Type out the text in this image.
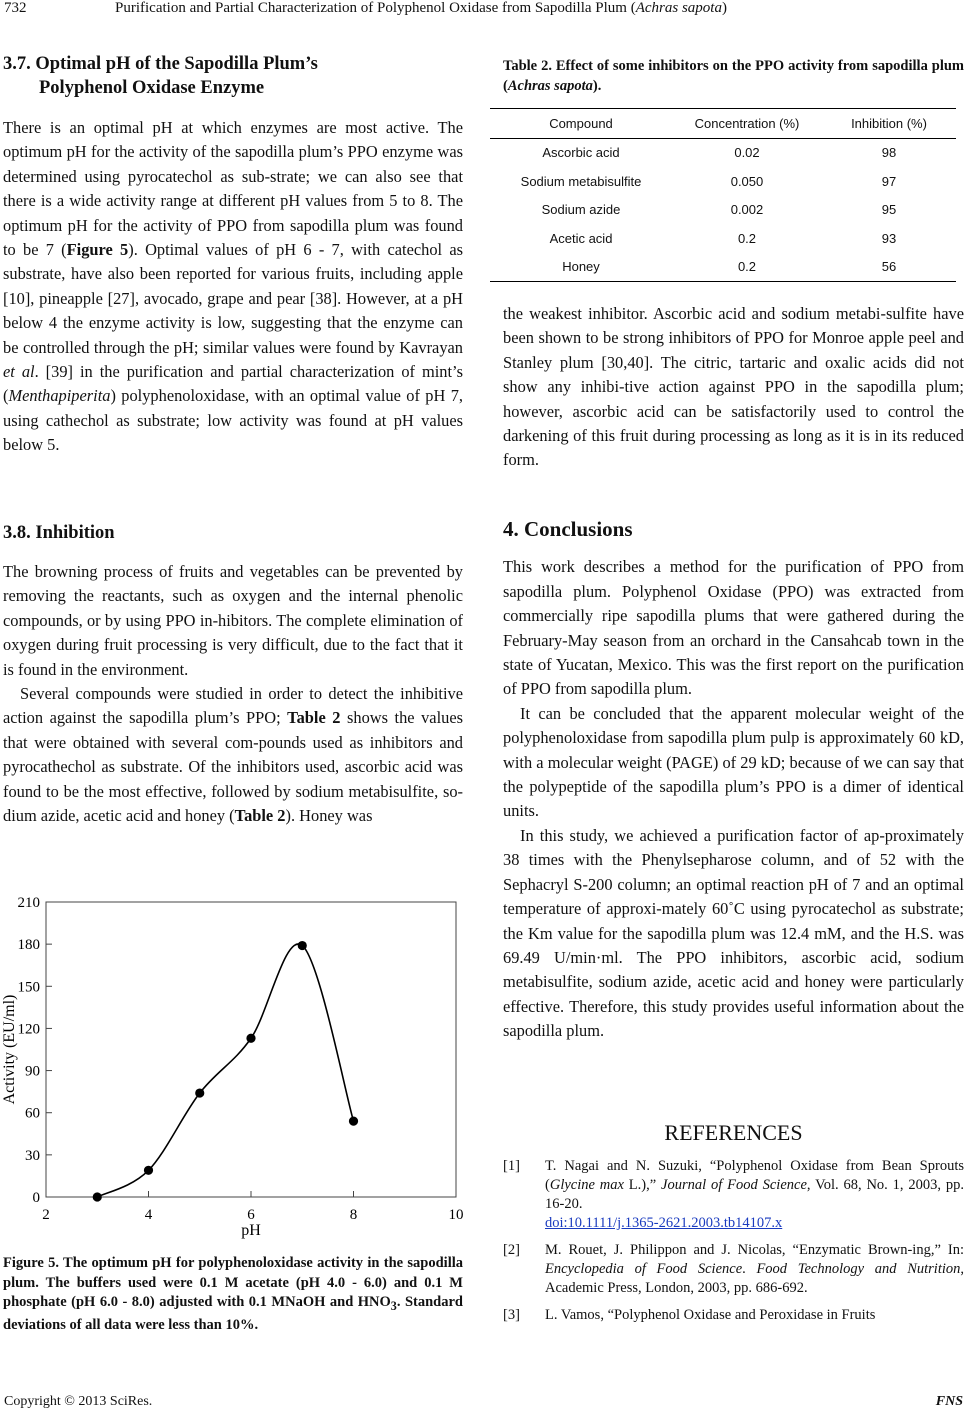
732	Purification and Partial Characterization of Polyphenol Oxidase from Sapodilla Plum (Achras sapota)
3.7. Optimal pH of the Sapodilla Plum’s
Polyphenol Oxidase Enzyme

There is an optimal pH at which enzymes are most active. The optimum pH for the activity of the sapodilla plum’s PPO enzyme was determined using pyrocatechol as sub-strate; we can also see that there is a wide activity range at different pH values from 5 to 8. The optimum pH for the activity of PPO from sapodilla plum was found to be 7 (Figure 5). Optimal values of pH 6 - 7, with catechol as substrate, have also been reported for various fruits, including apple [10], pineapple [27], avocado, grape and pear [38]. However, at a pH below 4 the enzyme activity is low, suggesting that the enzyme can be controlled through the pH; similar values were found by Kavrayan et al. [39] in the purification and partial characterization of mint’s (Menthapiperita) polyphenoloxidase, with an optimal value of pH 7, using cathechol as substrate; low activity was found at pH values below 5.

3.8. Inhibition

The browning process of fruits and vegetables can be prevented by removing the reactants, such as oxygen and the internal phenolic compounds, or by using PPO in-hibitors. The complete elimination of oxygen during fruit processing is very difficult, due to the fact that it is found in the environment.

Several compounds were studied in order to detect the inhibitive action against the sapodilla plum’s PPO; Table 2 shows the values that were obtained with several com-pounds used as inhibitors and pyrocathechol as substrate. Of the inhibitors used, ascorbic acid was found to be the most effective, followed by sodium metabisulfite, so-dium azide, acetic acid and honey (Table 2). Honey was

0
30
60
90
120
150
180
210
2	4	6	8	10
Activity (EU/ml)
pH
Figure 5. The optimum pH for polyphenoloxidase activity in the sapodilla plum. The buffers used were 0.1 M acetate (pH 4.0 - 6.0) and 0.1 M phosphate (pH 6.0 - 8.0) adjusted with 0.1 MNaOH and $HNO_3$. Standard deviations of all data were less than 10%.
Table 2. Effect of some inhibitors on the PPO activity from sapodilla plum (Achras sapota).
Compound	Concentration (%)	Inhibition (%)
Ascorbic acid	0.02	98
Sodium metabisulfite	0.050	97
Sodium azide	0.002	95
Acetic acid	0.2	93
Honey	0.2	56

the weakest inhibitor. Ascorbic acid and sodium metabi-sulfite have been shown to be strong inhibitors of PPO for Monroe apple peel and Stanley plum [30,40]. The citric, tartaric and oxalic acids did not show any inhibi-tive action against PPO in the sapodilla plum; however, ascorbic acid can be satisfactorily used to control the darkening of this fruit during processing as long as it is in its reduced form.

4. Conclusions

This work describes a method for the purification of PPO from sapodilla plum. Polyphenol Oxidase (PPO) was extracted from commercially ripe sapodilla plums that were gathered during the February-May season from an orchard in the Cansahcab town in the state of Yucatan, Mexico. This was the first report on the purification of PPO from sapodilla plum.

It can be concluded that the apparent molecular weight of the polyphenoloxidase from sapodilla plum pulp is approximately 60 kD, with a molecular weight (PAGE) of 29 kD; because of we can say that the polypeptide of the sapodilla plum’s PPO is a dimer of identical units.

In this study, we achieved a purification factor of ap-proximately 38 times with the Phenylsepharose column, and of 52 with the Sephacryl S-200 column; an optimal reaction pH of 7 and an optimal temperature of approxi-mately 60˚C using pyrocatechol as substrate; the Km value for the sapodilla plum was 12.4 mM, and the H.S. was 69.49 U/min·ml. The PPO inhibitors, ascorbic acid, sodium metabisulfite, sodium azide, acetic acid and honey were particularly effective. Therefore, this study provides useful information about the sapodilla plum.

REFERENCES
[1]	T. Nagai and N. Suzuki, “Polyphenol Oxidase from Bean Sprouts (Glycine max L.),” Journal of Food Science, Vol. 68, No. 1, 2003, pp. 16-20.
doi:10.1111/j.1365-2621.2003.tb14107.x
[2]	M. Rouet, J. Philippon and J. Nicolas, “Enzymatic Brown-ing,” In: Encyclopedia of Food Science. Food Technology and Nutrition, Academic Press, London, 2003, pp. 686-692.
[3]	L. Vamos, “Polyphenol Oxidase and Peroxidase in Fruits
Copyright © 2013 SciRes.	FNS
